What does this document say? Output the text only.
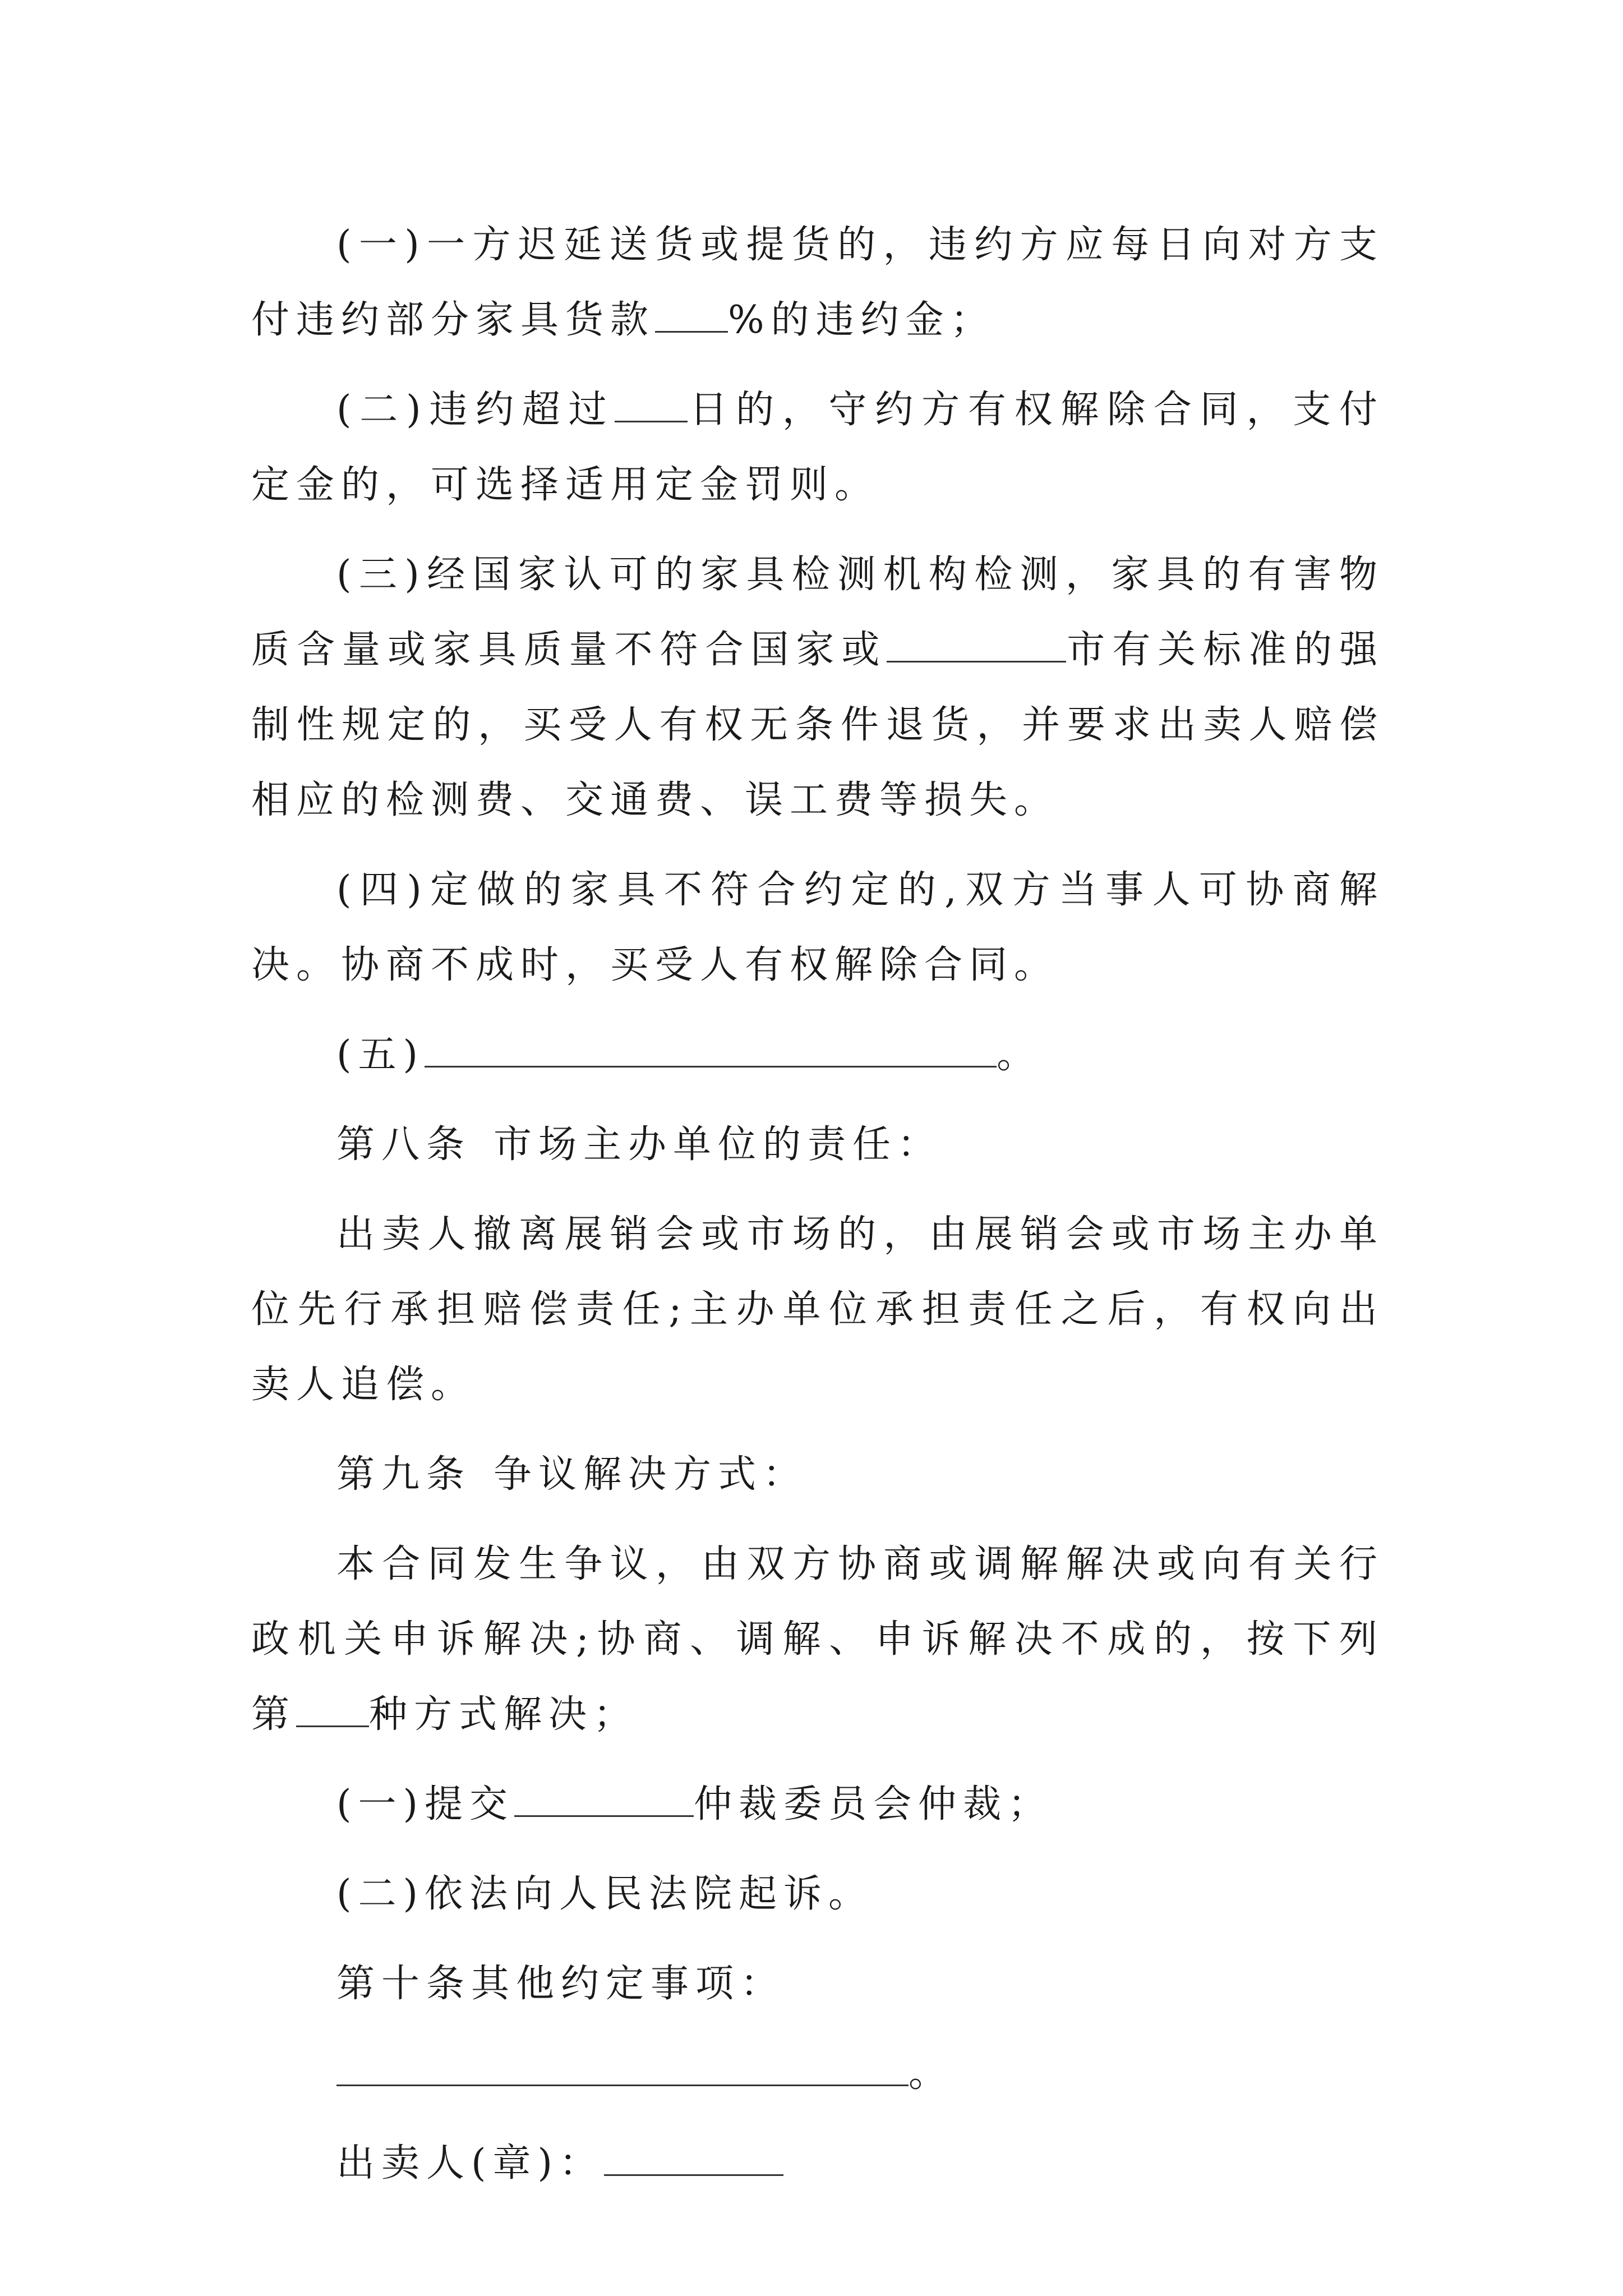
(一)一方迟延送货或提货的，违约方应每日向对方支付违约部分家具货款 %的违约金；

(二)违约超过 日的，守约方有权解除合同，支付定金的，可选择适用定金罚则。

(三)经国家认可的家具检测机构检测，家具的有害物质含量或家具质量不符合国家或	市有关标准的强制性规定的，买受人有权无条件退货，并要求出卖人赔偿相应的检测费、交通费、误工费等损失。

(四)定做的家具不符合约定的,双方当事人可协商解决。协商不成时，买受人有权解除合同。

(五)	。

第八条 市场主办单位的责任：

出卖人撤离展销会或市场的，由展销会或市场主办单位先行承担赔偿责任;主办单位承担责任之后，有权向出卖人追偿。

第九条 争议解决方式：

本合同发生争议，由双方协商或调解解决或向有关行政机关申诉解决;协商、调解、申诉解决不成的，按下列第 种方式解决；

(一)提交	仲裁委员会仲裁；

(二)依法向人民法院起诉。

第十条其他约定事项：

。

出卖人(章)：
